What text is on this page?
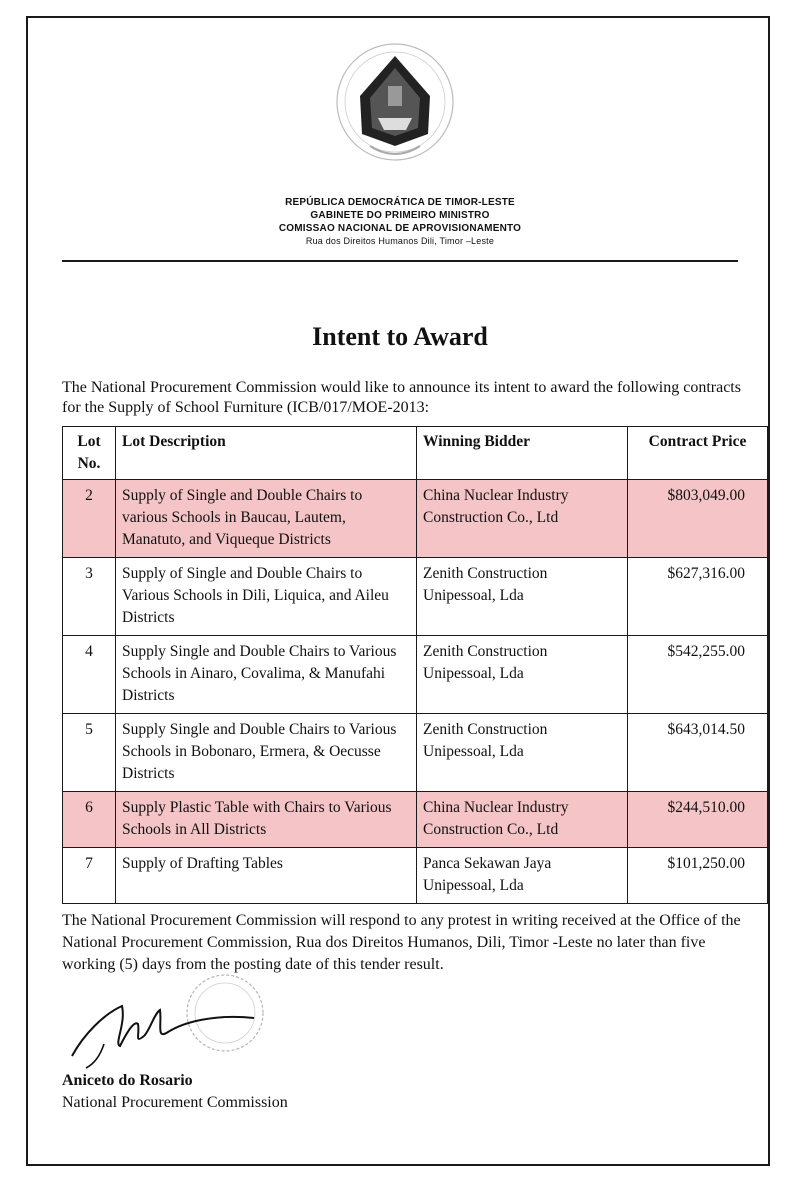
REPÚBLICA DEMOCRÁTICA DE TIMOR-LESTE
GABINETE DO PRIMEIRO MINISTRO
COMISSAO NACIONAL DE APROVISIONAMENTO
Rua dos Direitos Humanos Dili, Timor –Leste
Intent to Award
The National Procurement Commission would like to announce its intent to award the following contracts for the Supply of School Furniture (ICB/017/MOE-2013:
Lot No.	Lot Description	Winning Bidder	Contract Price
2	Supply of Single and Double Chairs to various Schools in Baucau, Lautem, Manatuto, and Viqueque Districts	China Nuclear Industry Construction Co., Ltd	$803,049.00
3	Supply of Single and Double Chairs to Various Schools in Dili, Liquica, and Aileu Districts	Zenith Construction Unipessoal, Lda	$627,316.00
4	Supply Single and Double Chairs to Various Schools in Ainaro, Covalima, & Manufahi Districts	Zenith Construction Unipessoal, Lda	$542,255.00
5	Supply Single and Double Chairs to Various Schools in Bobonaro, Ermera, & Oecusse Districts	Zenith Construction Unipessoal, Lda	$643,014.50
6	Supply Plastic Table with Chairs to Various Schools in All Districts	China Nuclear Industry Construction Co., Ltd	$244,510.00
7	Supply of Drafting Tables	Panca Sekawan Jaya Unipessoal, Lda	$101,250.00
The National Procurement Commission will respond to any protest in writing received at the Office of the National Procurement Commission, Rua dos Direitos Humanos, Dili, Timor -Leste no later than five working (5) days from the posting date of this tender result.
Aniceto do Rosario
National Procurement Commission
